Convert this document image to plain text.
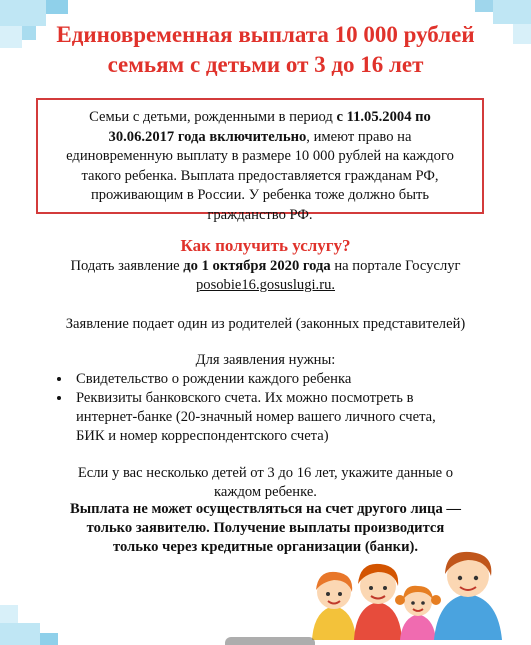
Единовременная выплата 10 000 рублей
семьям с детьми от 3 до 16 лет
Семьи с детьми, рожденными в период с 11.05.2004 по
30.06.2017 года включительно, имеют право на
единовременную выплату в размере 10 000 рублей на каждого
такого ребенка. Выплата предоставляется гражданам РФ,
проживающим в России. У ребенка тоже должно быть
гражданство РФ.
Как получить услугу?
Подать заявление до 1 октября 2020 года на портале Госуслуг
posobie16.gosuslugi.ru.
Заявление подает один из родителей (законных представителей)
Для заявления нужны:
• Свидетельство о рождении каждого ребенка
• Реквизиты банковского счета. Их можно посмотреть в
интернет-банке (20-значный номер вашего личного счета,
БИК и номер корреспондентского счета)
Если у вас несколько детей от 3 до 16 лет, укажите данные о
каждом ребенке.
Выплата не может осуществляться на счет другого лица —
только заявителю. Получение выплаты производится
только через кредитные организации (банки).
